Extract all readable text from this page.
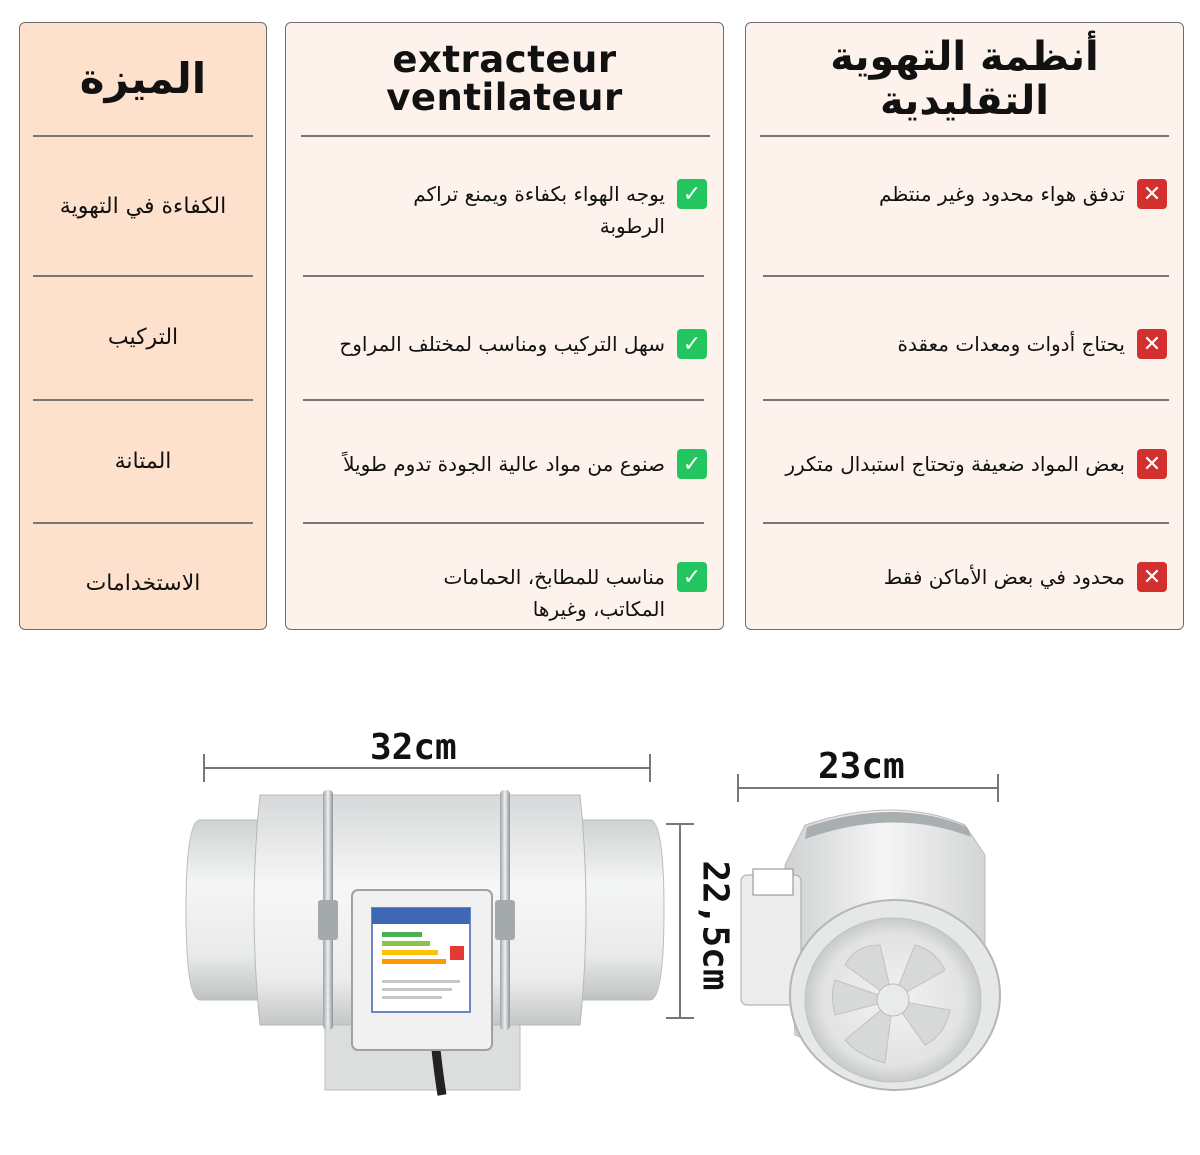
الميزة
الكفاءة في التهوية
التركيب
المتانة
الاستخدامات
extracteur
ventilateur
✓
يوجه الهواء بكفاءة ويمنع تراكم الرطوبة
✓
سهل التركيب ومناسب لمختلف المراوح
✓
صنوع من مواد عالية الجودة تدوم طويلاً
✓
مناسب للمطابخ، الحمامات المكاتب، وغيرها
أنظمة التهوية
التقليدية
✕
تدفق هواء محدود وغير منتظم
✕
يحتاج أدوات ومعدات معقدة
✕
بعض المواد ضعيفة وتحتاج استبدال متكرر
✕
محدود في بعض الأماكن فقط
32cm
22,5cm
23cm
